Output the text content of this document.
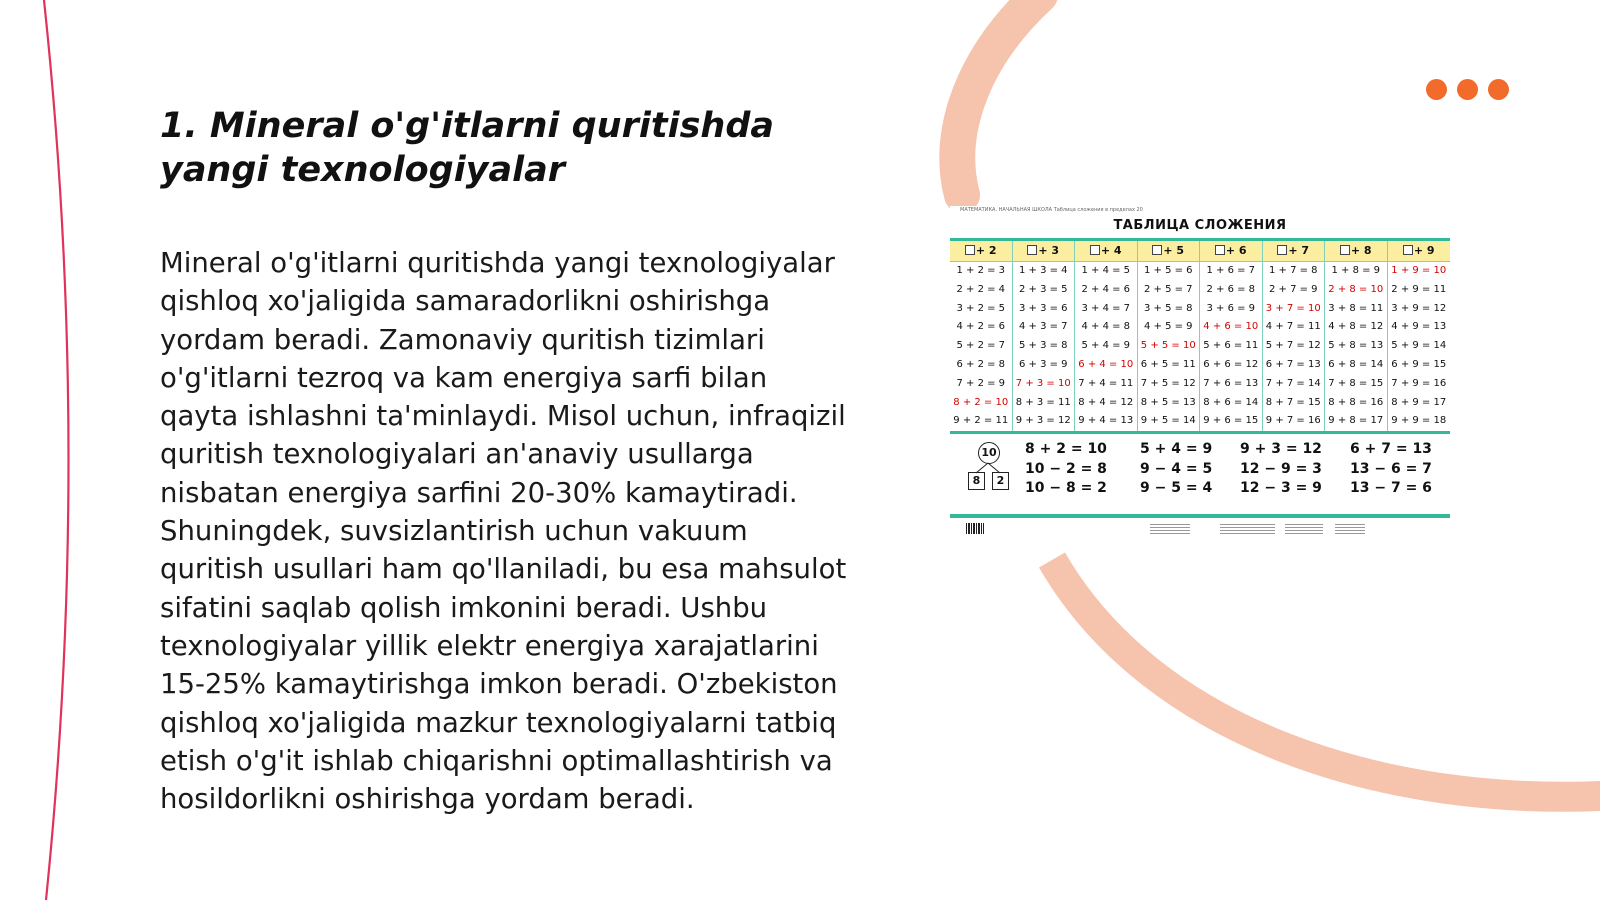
1. Mineral o'g'itlarni quritishda yangi texnologiyalar

Mineral o'g'itlarni quritishda yangi texnologiyalar qishloq xo'jaligida samaradorlikni oshirishga yordam beradi. Zamonaviy quritish tizimlari o'g'itlarni tezroq va kam energiya sarfi bilan qayta ishlashni ta'minlaydi. Misol uchun, infraqizil quritish texnologiyalari an'anaviy usullarga nisbatan energiya sarfini 20-30% kamaytiradi. Shuningdek, suvsizlantirish uchun vakuum quritish usullari ham qo'llaniladi, bu esa mahsulot sifatini saqlab qolish imkonini beradi. Ushbu texnologiyalar yillik elektr energiya xarajatlarini 15-25% kamaytirishga imkon beradi. O'zbekiston qishloq xo'jaligida mazkur texnologiyalarni tatbiq etish o'g'it ishlab chiqarishni optimallashtirish va hosildorlikni oshirishga yordam beradi.

МАТЕМАТИКА. НАЧАЛЬНАЯ ШКОЛА Таблица сложения в пределах 20
ТАБЛИЦА СЛОЖЕНИЯ
+ 2
1 + 2 = 3
2 + 2 = 4
3 + 2 = 5
4 + 2 = 6
5 + 2 = 7
6 + 2 = 8
7 + 2 = 9
8 + 2 = 10
9 + 2 = 11
+ 3
1 + 3 = 4
2 + 3 = 5
3 + 3 = 6
4 + 3 = 7
5 + 3 = 8
6 + 3 = 9
7 + 3 = 10
8 + 3 = 11
9 + 3 = 12
+ 4
1 + 4 = 5
2 + 4 = 6
3 + 4 = 7
4 + 4 = 8
5 + 4 = 9
6 + 4 = 10
7 + 4 = 11
8 + 4 = 12
9 + 4 = 13
+ 5
1 + 5 = 6
2 + 5 = 7
3 + 5 = 8
4 + 5 = 9
5 + 5 = 10
6 + 5 = 11
7 + 5 = 12
8 + 5 = 13
9 + 5 = 14
+ 6
1 + 6 = 7
2 + 6 = 8
3 + 6 = 9
4 + 6 = 10
5 + 6 = 11
6 + 6 = 12
7 + 6 = 13
8 + 6 = 14
9 + 6 = 15
+ 7
1 + 7 = 8
2 + 7 = 9
3 + 7 = 10
4 + 7 = 11
5 + 7 = 12
6 + 7 = 13
7 + 7 = 14
8 + 7 = 15
9 + 7 = 16
+ 8
1 + 8 = 9
2 + 8 = 10
3 + 8 = 11
4 + 8 = 12
5 + 8 = 13
6 + 8 = 14
7 + 8 = 15
8 + 8 = 16
9 + 8 = 17
+ 9
1 + 9 = 10
2 + 9 = 11
3 + 9 = 12
4 + 9 = 13
5 + 9 = 14
6 + 9 = 15
7 + 9 = 16
8 + 9 = 17
9 + 9 = 18
10
8	2
8 + 2 = 10
10 − 2 = 8
10 − 8 = 2
5 + 4 = 9
9 − 4 = 5
9 − 5 = 4
9 + 3 = 12
12 − 9 = 3
12 − 3 = 9
6 + 7 = 13
13 − 6 = 7
13 − 7 = 6
